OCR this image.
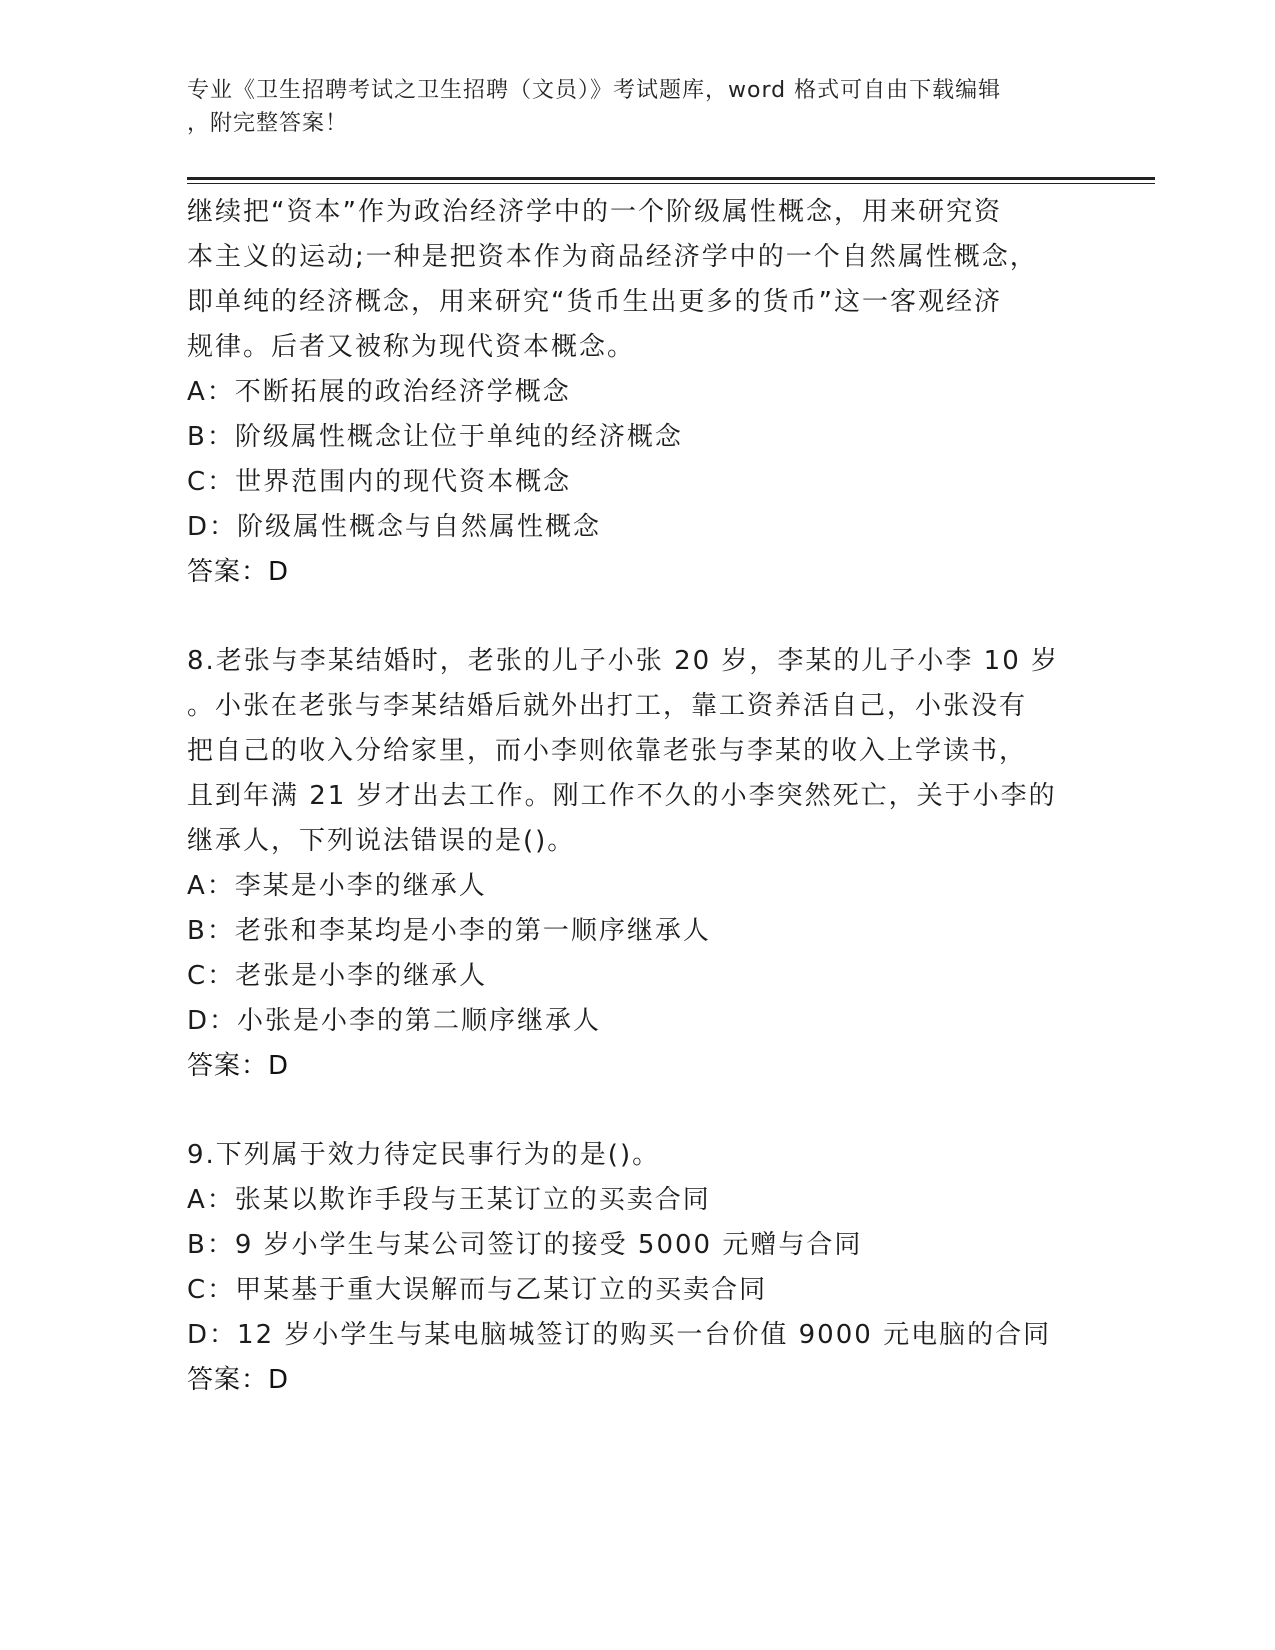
专业《卫生招聘考试之卫生招聘（文员）》考试题库，word 格式可自由下载编辑
，附完整答案！
继续把“资本”作为政治经济学中的一个阶级属性概念，用来研究资
本主义的运动;一种是把资本作为商品经济学中的一个自然属性概念，
即单纯的经济概念，用来研究“货币生出更多的货币”这一客观经济
规律。后者又被称为现代资本概念。
A：不断拓展的政治经济学概念
B：阶级属性概念让位于单纯的经济概念
C：世界范围内的现代资本概念
D：阶级属性概念与自然属性概念
答案：D
8.老张与李某结婚时，老张的儿子小张 20 岁，李某的儿子小李 10 岁
。小张在老张与李某结婚后就外出打工，靠工资养活自己，小张没有
把自己的收入分给家里，而小李则依靠老张与李某的收入上学读书，
且到年满 21 岁才出去工作。刚工作不久的小李突然死亡，关于小李的
继承人，下列说法错误的是()。
A：李某是小李的继承人
B：老张和李某均是小李的第一顺序继承人
C：老张是小李的继承人
D：小张是小李的第二顺序继承人
答案：D
9.下列属于效力待定民事行为的是()。
A：张某以欺诈手段与王某订立的买卖合同
B：9 岁小学生与某公司签订的接受 5000 元赠与合同
C：甲某基于重大误解而与乙某订立的买卖合同
D：12 岁小学生与某电脑城签订的购买一台价值 9000 元电脑的合同
答案：D
